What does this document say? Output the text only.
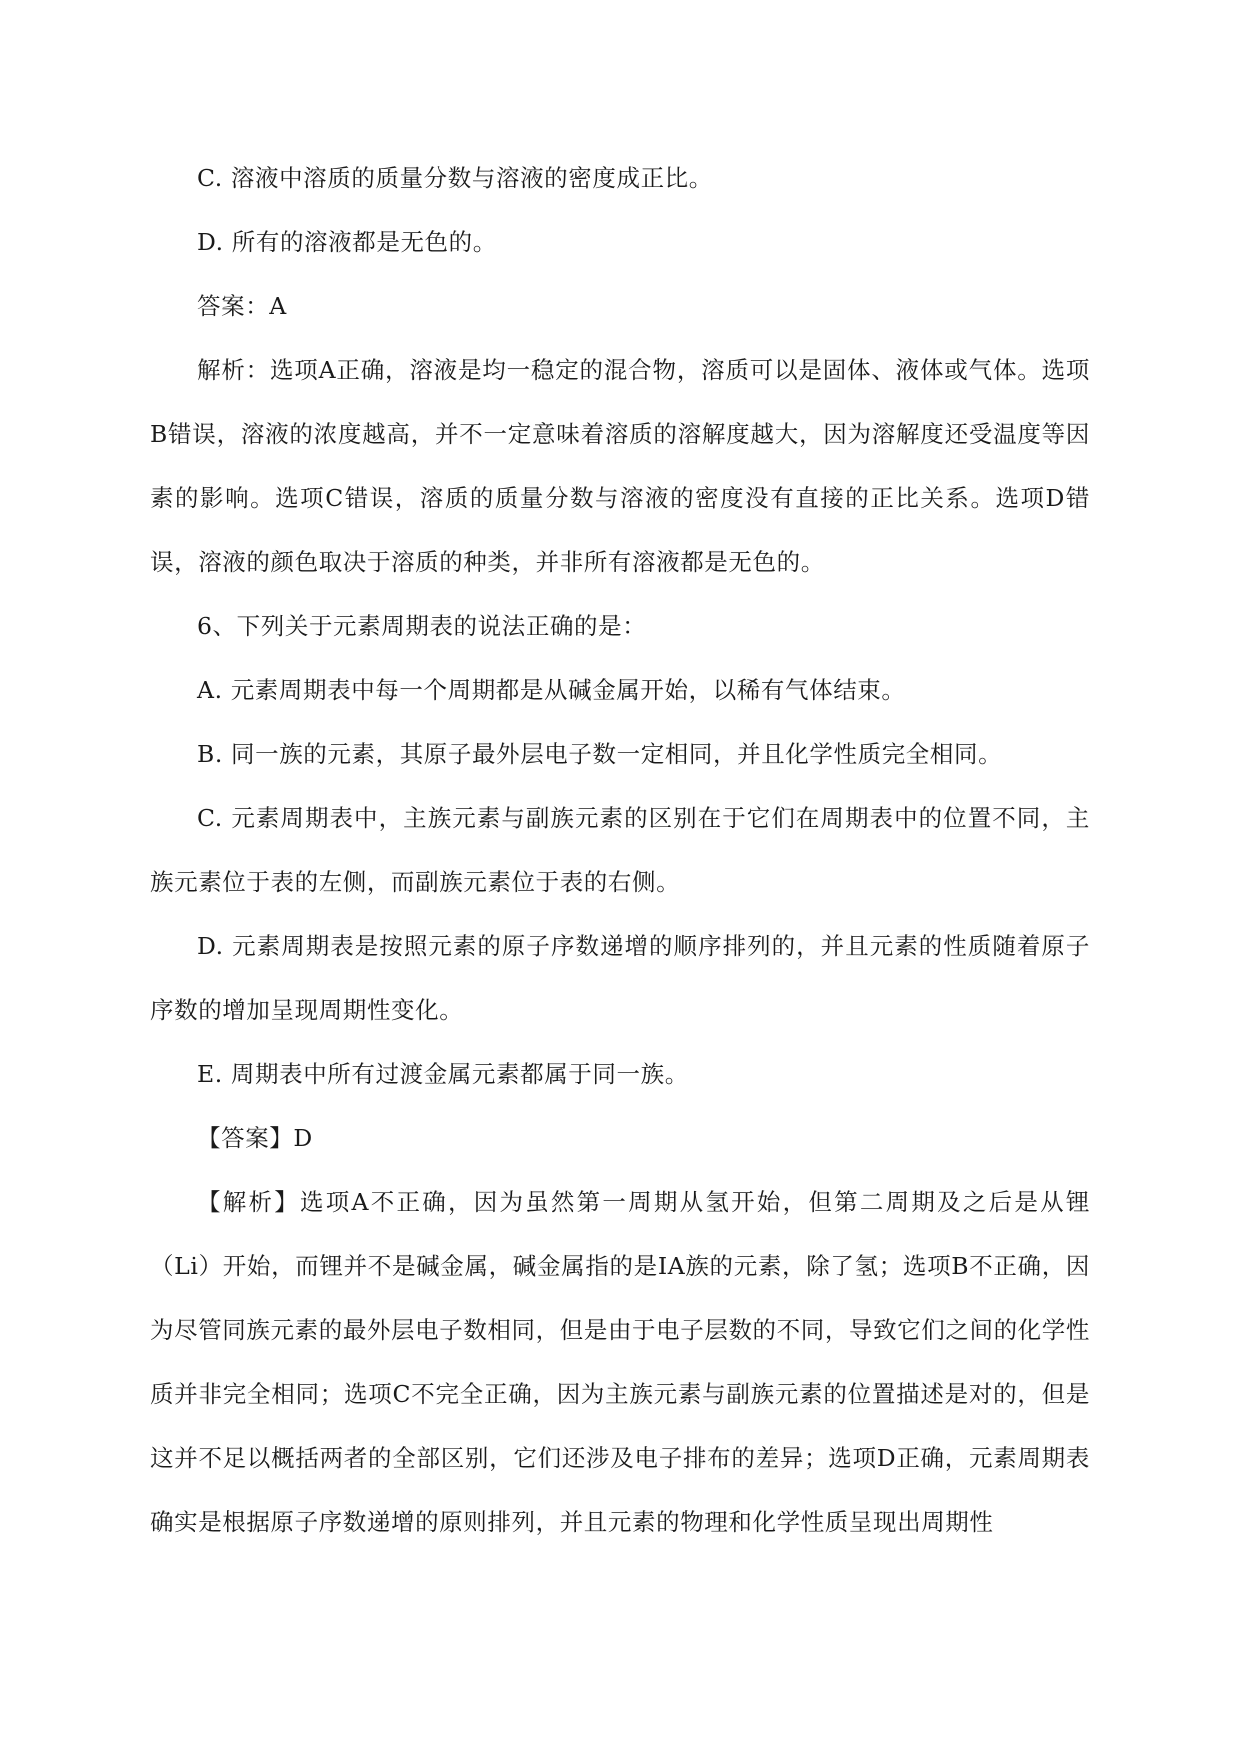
C. 溶液中溶质的质量分数与溶液的密度成正比。

D. 所有的溶液都是无色的。

答案：A

解析：选项A正确，溶液是均一稳定的混合物，溶质可以是固体、液体或气体。选项B错误，溶液的浓度越高，并不一定意味着溶质的溶解度越大，因为溶解度还受温度等因素的影响。选项C错误，溶质的质量分数与溶液的密度没有直接的正比关系。选项D错误，溶液的颜色取决于溶质的种类，并非所有溶液都是无色的。

6、下列关于元素周期表的说法正确的是：

A. 元素周期表中每一个周期都是从碱金属开始，以稀有气体结束。

B. 同一族的元素，其原子最外层电子数一定相同，并且化学性质完全相同。

C. 元素周期表中，主族元素与副族元素的区别在于它们在周期表中的位置不同，主族元素位于表的左侧，而副族元素位于表的右侧。

D. 元素周期表是按照元素的原子序数递增的顺序排列的，并且元素的性质随着原子序数的增加呈现周期性变化。

E. 周期表中所有过渡金属元素都属于同一族。

【答案】D

【解析】选项A不正确，因为虽然第一周期从氢开始，但第二周期及之后是从锂（Li）开始，而锂并不是碱金属，碱金属指的是IA族的元素，除了氢；选项B不正确，因为尽管同族元素的最外层电子数相同，但是由于电子层数的不同，导致它们之间的化学性质并非完全相同；选项C不完全正确，因为主族元素与副族元素的位置描述是对的，但是这并不足以概括两者的全部区别，它们还涉及电子排布的差异；选项D正确，元素周期表确实是根据原子序数递增的原则排列，并且元素的物理和化学性质呈现出周期性
